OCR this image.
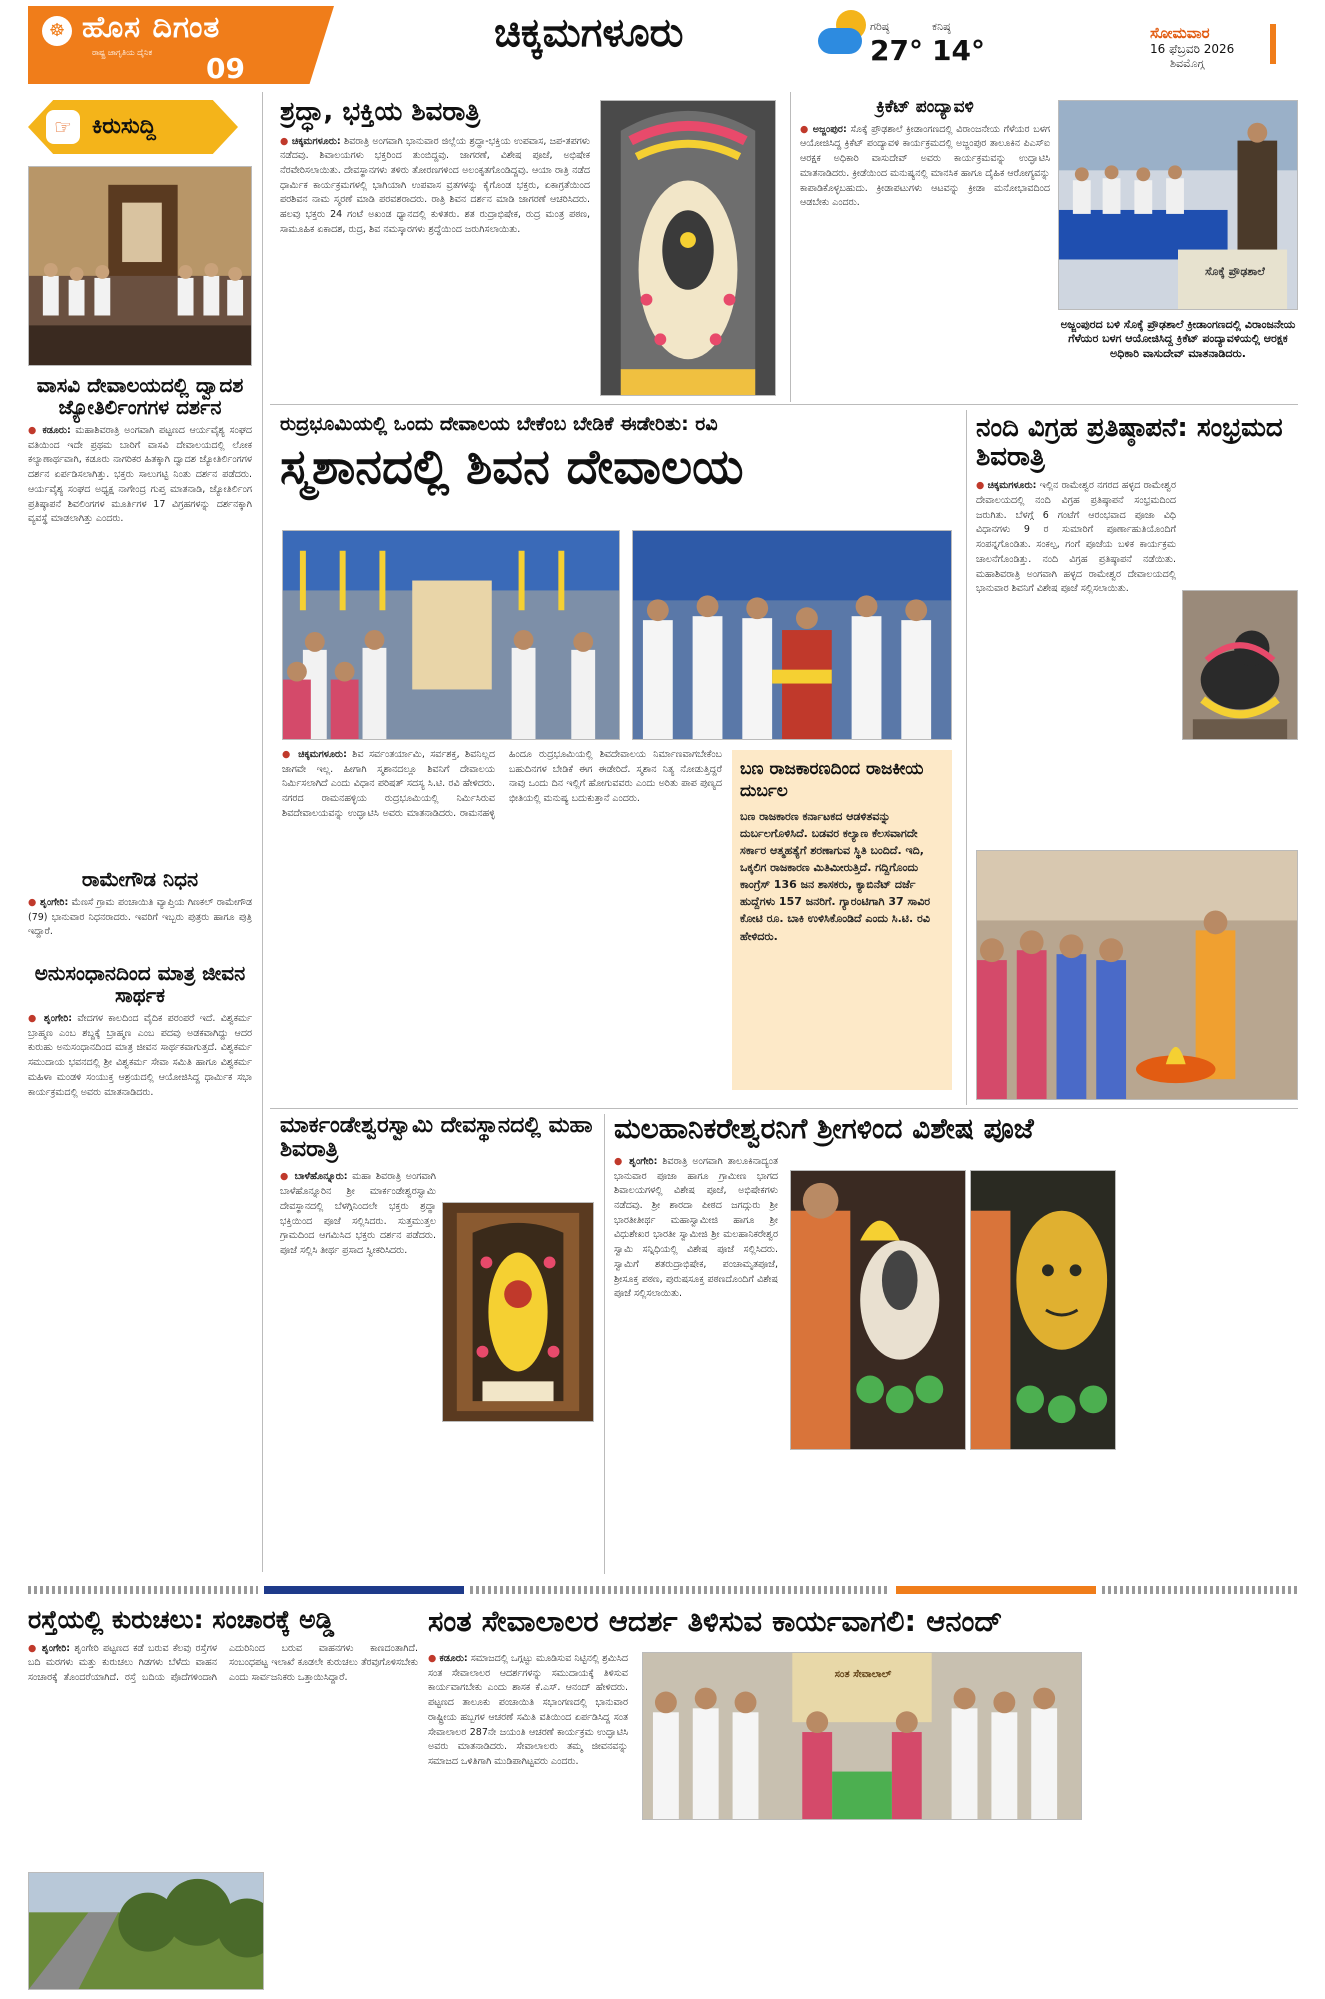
☸ ಹೊಸ ದಿಗಂತ
ರಾಷ್ಟ್ರ ಜಾಗೃತಿಯ ದೈನಿಕ 09
ಚಿಕ್ಕಮಗಳೂರು	ಗರಿಷ್ಠ
27°
ಕನಿಷ್ಠ
14°
ಸೋಮವಾರ
16 ಫೆಬ್ರವರಿ 2026
ಶಿವಮೊಗ್ಗ
☞ ಕಿರುಸುದ್ದಿ
ವಾಸವಿ ದೇವಾಲಯದಲ್ಲಿ ದ್ವಾದಶ ಜ್ಯೋತಿರ್ಲಿಂಗಗಳ ದರ್ಶನ
● ಕಡೂರು: ಮಹಾಶಿವರಾತ್ರಿ ಅಂಗವಾಗಿ ಪಟ್ಟಣದ ಆರ್ಯವೈಶ್ಯ ಸಂಘದ ವತಿಯಿಂದ ಇದೇ ಪ್ರಥಮ ಬಾರಿಗೆ ವಾಸವಿ ದೇವಾಲಯದಲ್ಲಿ ಲೋಕ ಕಲ್ಯಾಣಾರ್ಥವಾಗಿ, ಕಡೂರು ನಾಗರಿಕರ ಹಿತಕ್ಕಾಗಿ ದ್ವಾದಶ ಜ್ಯೋತಿರ್ಲಿಂಗಗಳ ದರ್ಶನ ಏರ್ಪಡಿಸಲಾಗಿತ್ತು. ಭಕ್ತರು ಸಾಲುಗಟ್ಟಿ ನಿಂತು ದರ್ಶನ ಪಡೆದರು. ಆರ್ಯವೈಶ್ಯ ಸಂಘದ ಅಧ್ಯಕ್ಷ ನಾಗೇಂದ್ರ ಗುಪ್ತ ಮಾತನಾಡಿ, ಜ್ಯೋತಿರ್ಲಿಂಗ ಪ್ರತಿಷ್ಠಾಪನೆ ಶಿವಲಿಂಗಗಳ ಮೂರ್ತಿಗಳ 17 ವಿಗ್ರಹಗಳನ್ನು ದರ್ಶನಕ್ಕಾಗಿ ವ್ಯವಸ್ಥೆ ಮಾಡಲಾಗಿತ್ತು ಎಂದರು.
ರಾಮೇಗೌಡ ನಿಧನ
● ಶೃಂಗೇರಿ: ಮೆಣಸೆ ಗ್ರಾಮ ಪಂಚಾಯಿತಿ ವ್ಯಾಪ್ತಿಯ ಗಿಣಕಲ್ ರಾಮೇಗೌಡ (79) ಭಾನುವಾರ ನಿಧನರಾದರು. ಇವರಿಗೆ ಇಬ್ಬರು ಪುತ್ರರು ಹಾಗೂ ಪುತ್ರಿ ಇದ್ದಾರೆ.
ಅನುಸಂಧಾನದಿಂದ ಮಾತ್ರ ಜೀವನ ಸಾರ್ಥಕ
● ಶೃಂಗೇರಿ: ವೇದಗಳ ಕಾಲದಿಂದ ವೈದಿಕ ಪರಂಪರೆ ಇದೆ. ವಿಶ್ವಕರ್ಮ ಬ್ರಾಹ್ಮಣ ಎಂಬ ಶಬ್ದಕ್ಕೆ ಬ್ರಾಹ್ಮಣ ಎಂಬ ಪದವು ಅಡಕವಾಗಿದ್ದು ಆದರ ಕುರುಹು ಅನುಸಂಧಾನದಿಂದ ಮಾತ್ರ ಜೀವನ ಸಾರ್ಥಕವಾಗುತ್ತದೆ. ವಿಶ್ವಕರ್ಮ ಸಮುದಾಯ ಭವನದಲ್ಲಿ ಶ್ರೀ ವಿಶ್ವಕರ್ಮ ಸೇವಾ ಸಮಿತಿ ಹಾಗೂ ವಿಶ್ವಕರ್ಮ ಮಹಿಳಾ ಮಂಡಳಿ ಸಂಯುಕ್ತ ಆಶ್ರಯದಲ್ಲಿ ಆಯೋಜಿಸಿದ್ದ ಧಾರ್ಮಿಕ ಸಭಾ ಕಾರ್ಯಕ್ರಮದಲ್ಲಿ ಅವರು ಮಾತನಾಡಿದರು.
ಶ್ರದ್ಧಾ, ಭಕ್ತಿಯ ಶಿವರಾತ್ರಿ
● ಚಿಕ್ಕಮಗಳೂರು: ಶಿವರಾತ್ರಿ ಅಂಗವಾಗಿ ಭಾನುವಾರ ಜಿಲ್ಲೆಯ ಶ್ರದ್ಧಾ-ಭಕ್ತಿಯ ಉಪವಾಸ, ಜಪ-ತಪಗಳು ನಡೆದವು. ಶಿವಾಲಯಗಳು ಭಕ್ತರಿಂದ ತುಂಬಿದ್ದವು. ಜಾಗರಣೆ, ವಿಶೇಷ ಪೂಜೆ, ಅಭಿಷೇಕ ನೆರವೇರಿಸಲಾಯಿತು. ದೇವಸ್ಥಾನಗಳು ತಳಿರು ತೋರಣಗಳಿಂದ ಅಲಂಕೃತಗೊಂಡಿದ್ದವು. ಆಯಾ ರಾತ್ರಿ ನಡೆದ ಧಾರ್ಮಿಕ ಕಾರ್ಯಕ್ರಮಗಳಲ್ಲಿ ಭಾಗಿಯಾಗಿ ಉಪವಾಸ ವ್ರತಗಳನ್ನು ಕೈಗೊಂಡ ಭಕ್ತರು, ಏಕಾಗ್ರತೆಯಿಂದ ಪರಶಿವನ ನಾಮ ಸ್ಮರಣೆ ಮಾಡಿ ಪರವಶರಾದರು. ರಾತ್ರಿ ಶಿವನ ದರ್ಶನ ಮಾಡಿ ಜಾಗರಣೆ ಆಚರಿಸಿದರು. ಹಲವು ಭಕ್ತರು 24 ಗಂಟೆ ಅಖಂಡ ಧ್ಯಾನದಲ್ಲಿ ಕುಳಿತರು. ಶತ ರುದ್ರಾಭಿಷೇಕ, ರುದ್ರ ಮಂತ್ರ ಪಠಣ, ಸಾಮೂಹಿಕ ಏಕಾದಶ, ರುದ್ರ, ಶಿವ ನಮಸ್ಕಾರಗಳು ಶ್ರದ್ಧೆಯಿಂದ ಜರುಗಿಸಲಾಯಿತು.
ಕ್ರಿಕೆಟ್ ಪಂದ್ಯಾವಳಿ
● ಅಜ್ಜಂಪುರ: ಸೊಕ್ಕೆ ಪ್ರೌಢಶಾಲೆ ಕ್ರೀಡಾಂಗಣದಲ್ಲಿ ವಿರಾಂಜನೇಯ ಗೆಳೆಯರ ಬಳಗ ಆಯೋಜಿಸಿದ್ದ ಕ್ರಿಕೆಟ್ ಪಂದ್ಯಾವಳಿ ಕಾರ್ಯಕ್ರಮದಲ್ಲಿ ಅಜ್ಜಂಪುರ ತಾಲೂಕಿನ ಪಿಎಸ್ಐ ಆರಕ್ಷಕ ಅಧಿಕಾರಿ ವಾಸುದೇವ್ ಅವರು ಕಾರ್ಯಕ್ರಮವನ್ನು ಉದ್ಘಾಟಿಸಿ ಮಾತನಾಡಿದರು. ಕ್ರೀಡೆಯಿಂದ ಮನುಷ್ಯನಲ್ಲಿ ಮಾನಸಿಕ ಹಾಗೂ ದೈಹಿಕ ಆರೋಗ್ಯವನ್ನು ಕಾಪಾಡಿಕೊಳ್ಳಬಹುದು. ಕ್ರೀಡಾಪಟುಗಳು ಆಟವನ್ನು ಕ್ರೀಡಾ ಮನೋಭಾವದಿಂದ ಆಡಬೇಕು ಎಂದರು.
ಸೊಕ್ಕೆ ಪ್ರೌಢಶಾಲೆ
ಅಜ್ಜಂಪುರದ ಬಳಿ ಸೊಕ್ಕೆ ಪ್ರೌಢಶಾಲೆ ಕ್ರೀಡಾಂಗಣದಲ್ಲಿ ವಿರಾಂಜನೇಯ ಗೆಳೆಯರ ಬಳಗ ಆಯೋಜಿಸಿದ್ದ ಕ್ರಿಕೆಟ್ ಪಂದ್ಯಾವಳಿಯಲ್ಲಿ ಆರಕ್ಷಕ ಅಧಿಕಾರಿ ವಾಸುದೇವ್ ಮಾತನಾಡಿದರು.
ರುದ್ರಭೂಮಿಯಲ್ಲಿ ಒಂದು ದೇವಾಲಯ ಬೇಕೆಂಬ ಬೇಡಿಕೆ ಈಡೇರಿತು: ರವಿ
ಸ್ಮಶಾನದಲ್ಲಿ ಶಿವನ ದೇವಾಲಯ
● ಚಿಕ್ಕಮಗಳೂರು: ಶಿವ ಸರ್ವಂತರ್ಯಾಮಿ, ಸರ್ವಶಕ್ತ, ಶಿವನಿಲ್ಲದ ಜಾಗವೇ ಇಲ್ಲ. ಹೀಗಾಗಿ ಸ್ಮಶಾನದಲ್ಲೂ ಶಿವನಿಗೆ ದೇವಾಲಯ ನಿರ್ಮಿಸಲಾಗಿದೆ ಎಂದು ವಿಧಾನ ಪರಿಷತ್ ಸದಸ್ಯ ಸಿ.ಟಿ. ರವಿ ಹೇಳಿದರು. ನಗರದ ರಾಮನಹಳ್ಳಿಯ ರುದ್ರಭೂಮಿಯಲ್ಲಿ ನಿರ್ಮಿಸಿರುವ ಶಿವದೇವಾಲಯವನ್ನು ಉದ್ಘಾಟಿಸಿ ಅವರು ಮಾತನಾಡಿದರು. ರಾಮನಹಳ್ಳಿ ಹಿಂದೂ ರುದ್ರಭೂಮಿಯಲ್ಲಿ ಶಿವದೇವಾಲಯ ನಿರ್ಮಾಣವಾಗಬೇಕೆಂಬ ಬಹುದಿನಗಳ ಬೇಡಿಕೆ ಈಗ ಈಡೇರಿದೆ. ಸ್ಮಶಾನ ನಿತ್ಯ ನೋಡುತ್ತಿದ್ದರೆ ನಾವು ಒಂದು ದಿನ ಇಲ್ಲಿಗೆ ಹೋಗುವವರು ಎಂದು ಅರಿತು ಪಾಪ ಪುಣ್ಯದ ಭೀತಿಯಲ್ಲಿ ಮನುಷ್ಯ ಬದುಕುತ್ತಾನೆ ಎಂದರು.
ಬಣ ರಾಜಕಾರಣದಿಂದ ರಾಜಕೀಯ ದುರ್ಬಲ
ಬಣ ರಾಜಕಾರಣ ಕರ್ನಾಟಕದ ಆಡಳಿತವನ್ನು ದುರ್ಬಲಗೊಳಿಸಿದೆ. ಬಡವರ ಕಲ್ಯಾಣ ಕೆಲಸವಾಗದೇ ಸರ್ಕಾರ ಆತ್ಮಹತ್ಯೆಗೆ ಶರಣಾಗುವ ಸ್ಥಿತಿ ಬಂದಿದೆ. ಇದಿ, ಒಕ್ಕಲಿಗ ರಾಜಕಾರಣ ಮಿತಿಮೀರುತ್ತಿದೆ. ಗದ್ದಿಗೊಂದು ಕಾಂಗ್ರೆಸ್ 136 ಜನ ಶಾಸಕರು, ಕ್ಯಾಬಿನೆಟ್ ದರ್ಜೆ ಹುದ್ದೆಗಳು 157 ಜನರಿಗೆ. ಗ್ಯಾರಂಟಿಗಾಗಿ 37 ಸಾವಿರ ಕೋಟಿ ರೂ. ಬಾಕಿ ಉಳಿಸಿಕೊಂಡಿದೆ ಎಂದು ಸಿ.ಟಿ. ರವಿ ಹೇಳಿದರು.
ನಂದಿ ವಿಗ್ರಹ ಪ್ರತಿಷ್ಠಾಪನೆ: ಸಂಭ್ರಮದ ಶಿವರಾತ್ರಿ
● ಚಿಕ್ಕಮಗಳೂರು: ಇಲ್ಲಿನ ರಾಮೇಶ್ವರ ನಗರದ ಹಳ್ಳದ ರಾಮೇಶ್ವರ ದೇವಾಲಯದಲ್ಲಿ ನಂದಿ ವಿಗ್ರಹ ಪ್ರತಿಷ್ಠಾಪನೆ ಸಂಭ್ರಮದಿಂದ ಜರುಗಿತು. ಬೆಳಗ್ಗೆ 6 ಗಂಟೆಗೆ ಆರಂಭವಾದ ಪೂಜಾ ವಿಧಿ ವಿಧಾನಗಳು 9 ರ ಸುಮಾರಿಗೆ ಪೂರ್ಣಾಹುತಿಯೊಂದಿಗೆ ಸಂಪನ್ನಗೊಂಡಿತು. ಸಂಕಲ್ಪ, ಗಂಗೆ ಪೂಜೆಯ ಬಳಿಕ ಕಾರ್ಯಕ್ರಮ ಚಾಲನೆಗೊಂಡಿತ್ತು. ನಂದಿ ವಿಗ್ರಹ ಪ್ರತಿಷ್ಠಾಪನೆ ನಡೆಯಿತು. ಮಹಾಶಿವರಾತ್ರಿ ಅಂಗವಾಗಿ ಹಳ್ಳದ ರಾಮೇಶ್ವರ ದೇವಾಲಯದಲ್ಲಿ ಭಾನುವಾರ ಶಿವನಿಗೆ ವಿಶೇಷ ಪೂಜೆ ಸಲ್ಲಿಸಲಾಯಿತು.
ಮಾರ್ಕಂಡೇಶ್ವರಸ್ವಾಮಿ ದೇವಸ್ಥಾನದಲ್ಲಿ ಮಹಾ ಶಿವರಾತ್ರಿ
● ಬಾಳೆಹೊನ್ನೂರು: ಮಹಾ ಶಿವರಾತ್ರಿ ಅಂಗವಾಗಿ ಬಾಳೆಹೊನ್ನೂರಿನ ಶ್ರೀ ಮಾರ್ಕಂಡೇಶ್ವರಸ್ವಾಮಿ ದೇವಸ್ಥಾನದಲ್ಲಿ ಬೆಳಗ್ಗಿನಿಂದಲೇ ಭಕ್ತರು ಶ್ರದ್ಧಾ ಭಕ್ತಿಯಿಂದ ಪೂಜೆ ಸಲ್ಲಿಸಿದರು. ಸುತ್ತಮುತ್ತಲ ಗ್ರಾಮದಿಂದ ಆಗಮಿಸಿದ ಭಕ್ತರು ದರ್ಶನ ಪಡೆದರು. ಪೂಜೆ ಸಲ್ಲಿಸಿ ತೀರ್ಥ ಪ್ರಸಾದ ಸ್ವೀಕರಿಸಿದರು.
ಮಲಹಾನಿಕರೇಶ್ವರನಿಗೆ ಶ್ರೀಗಳಿಂದ ವಿಶೇಷ ಪೂಜೆ
● ಶೃಂಗೇರಿ: ಶಿವರಾತ್ರಿ ಅಂಗವಾಗಿ ತಾಲೂಕಿನಾದ್ಯಂತ ಭಾನುವಾರ ಪೂಜಾ ಹಾಗೂ ಗ್ರಾಮೀಣ ಭಾಗದ ಶಿವಾಲಯಗಳಲ್ಲಿ ವಿಶೇಷ ಪೂಜೆ, ಅಭಿಷೇಕಗಳು ನಡೆದವು. ಶ್ರೀ ಶಾರದಾ ಪೀಠದ ಜಗದ್ಗುರು ಶ್ರೀ ಭಾರತೀತೀರ್ಥ ಮಹಾಸ್ವಾಮೀಜಿ ಹಾಗೂ ಶ್ರೀ ವಿಧುಶೇಖರ ಭಾರತೀ ಸ್ವಾಮೀಜಿ ಶ್ರೀ ಮಲಹಾನಿಕರೇಶ್ವರ ಸ್ವಾಮಿ ಸನ್ನಿಧಿಯಲ್ಲಿ ವಿಶೇಷ ಪೂಜೆ ಸಲ್ಲಿಸಿದರು. ಸ್ವಾಮಿಗೆ ಶತರುದ್ರಾಭಿಷೇಕ, ಪಂಚಾಮೃತಪೂಜೆ, ಶ್ರೀಸೂಕ್ತ ಪಠಣ, ಪುರುಷಸೂಕ್ತ ಪಠಣದೊಂದಿಗೆ ವಿಶೇಷ ಪೂಜೆ ಸಲ್ಲಿಸಲಾಯಿತು.
ರಸ್ತೆಯಲ್ಲಿ ಕುರುಚಲು: ಸಂಚಾರಕ್ಕೆ ಅಡ್ಡಿ
● ಶೃಂಗೇರಿ: ಶೃಂಗೇರಿ ಪಟ್ಟಣದ ಕಡೆ ಬರುವ ಕೆಲವು ರಸ್ತೆಗಳ ಬದಿ ಮರಗಳು ಮತ್ತು ಕುರುಚಲು ಗಿಡಗಳು ಬೆಳೆದು ವಾಹನ ಸಂಚಾರಕ್ಕೆ ತೊಂದರೆಯಾಗಿದೆ. ರಸ್ತೆ ಬದಿಯ ಪೊದೆಗಳಿಂದಾಗಿ ಎದುರಿನಿಂದ ಬರುವ ವಾಹನಗಳು ಕಾಣದಂತಾಗಿದೆ. ಸಂಬಂಧಪಟ್ಟ ಇಲಾಖೆ ಕೂಡಲೇ ಕುರುಚಲು ತೆರವುಗೊಳಿಸಬೇಕು ಎಂದು ಸಾರ್ವಜನಿಕರು ಒತ್ತಾಯಿಸಿದ್ದಾರೆ.
ಸಂತ ಸೇವಾಲಾಲರ ಆದರ್ಶ ತಿಳಿಸುವ ಕಾರ್ಯವಾಗಲಿ: ಆನಂದ್
● ಕಡೂರು: ಸಮಾಜದಲ್ಲಿ ಒಗ್ಗಟ್ಟು ಮೂಡಿಸುವ ನಿಟ್ಟಿನಲ್ಲಿ ಶ್ರಮಿಸಿದ ಸಂತ ಸೇವಾಲಾಲರ ಆದರ್ಶಗಳನ್ನು ಸಮುದಾಯಕ್ಕೆ ತಿಳಿಸುವ ಕಾರ್ಯವಾಗಬೇಕು ಎಂದು ಶಾಸಕ ಕೆ.ಎಸ್. ಆನಂದ್ ಹೇಳಿದರು. ಪಟ್ಟಣದ ತಾಲೂಕು ಪಂಚಾಯಿತಿ ಸಭಾಂಗಣದಲ್ಲಿ ಭಾನುವಾರ ರಾಷ್ಟ್ರೀಯ ಹಬ್ಬಗಳ ಆಚರಣೆ ಸಮಿತಿ ವತಿಯಿಂದ ಏರ್ಪಡಿಸಿದ್ದ ಸಂತ ಸೇವಾಲಾಲರ 287ನೇ ಜಯಂತಿ ಆಚರಣೆ ಕಾರ್ಯಕ್ರಮ ಉದ್ಘಾಟಿಸಿ ಅವರು ಮಾತನಾಡಿದರು. ಸೇವಾಲಾಲರು ತಮ್ಮ ಜೀವನವನ್ನು ಸಮಾಜದ ಒಳಿತಿಗಾಗಿ ಮುಡಿಪಾಗಿಟ್ಟವರು ಎಂದರು.
ಸಂತ ಸೇವಾಲಾಲ್
